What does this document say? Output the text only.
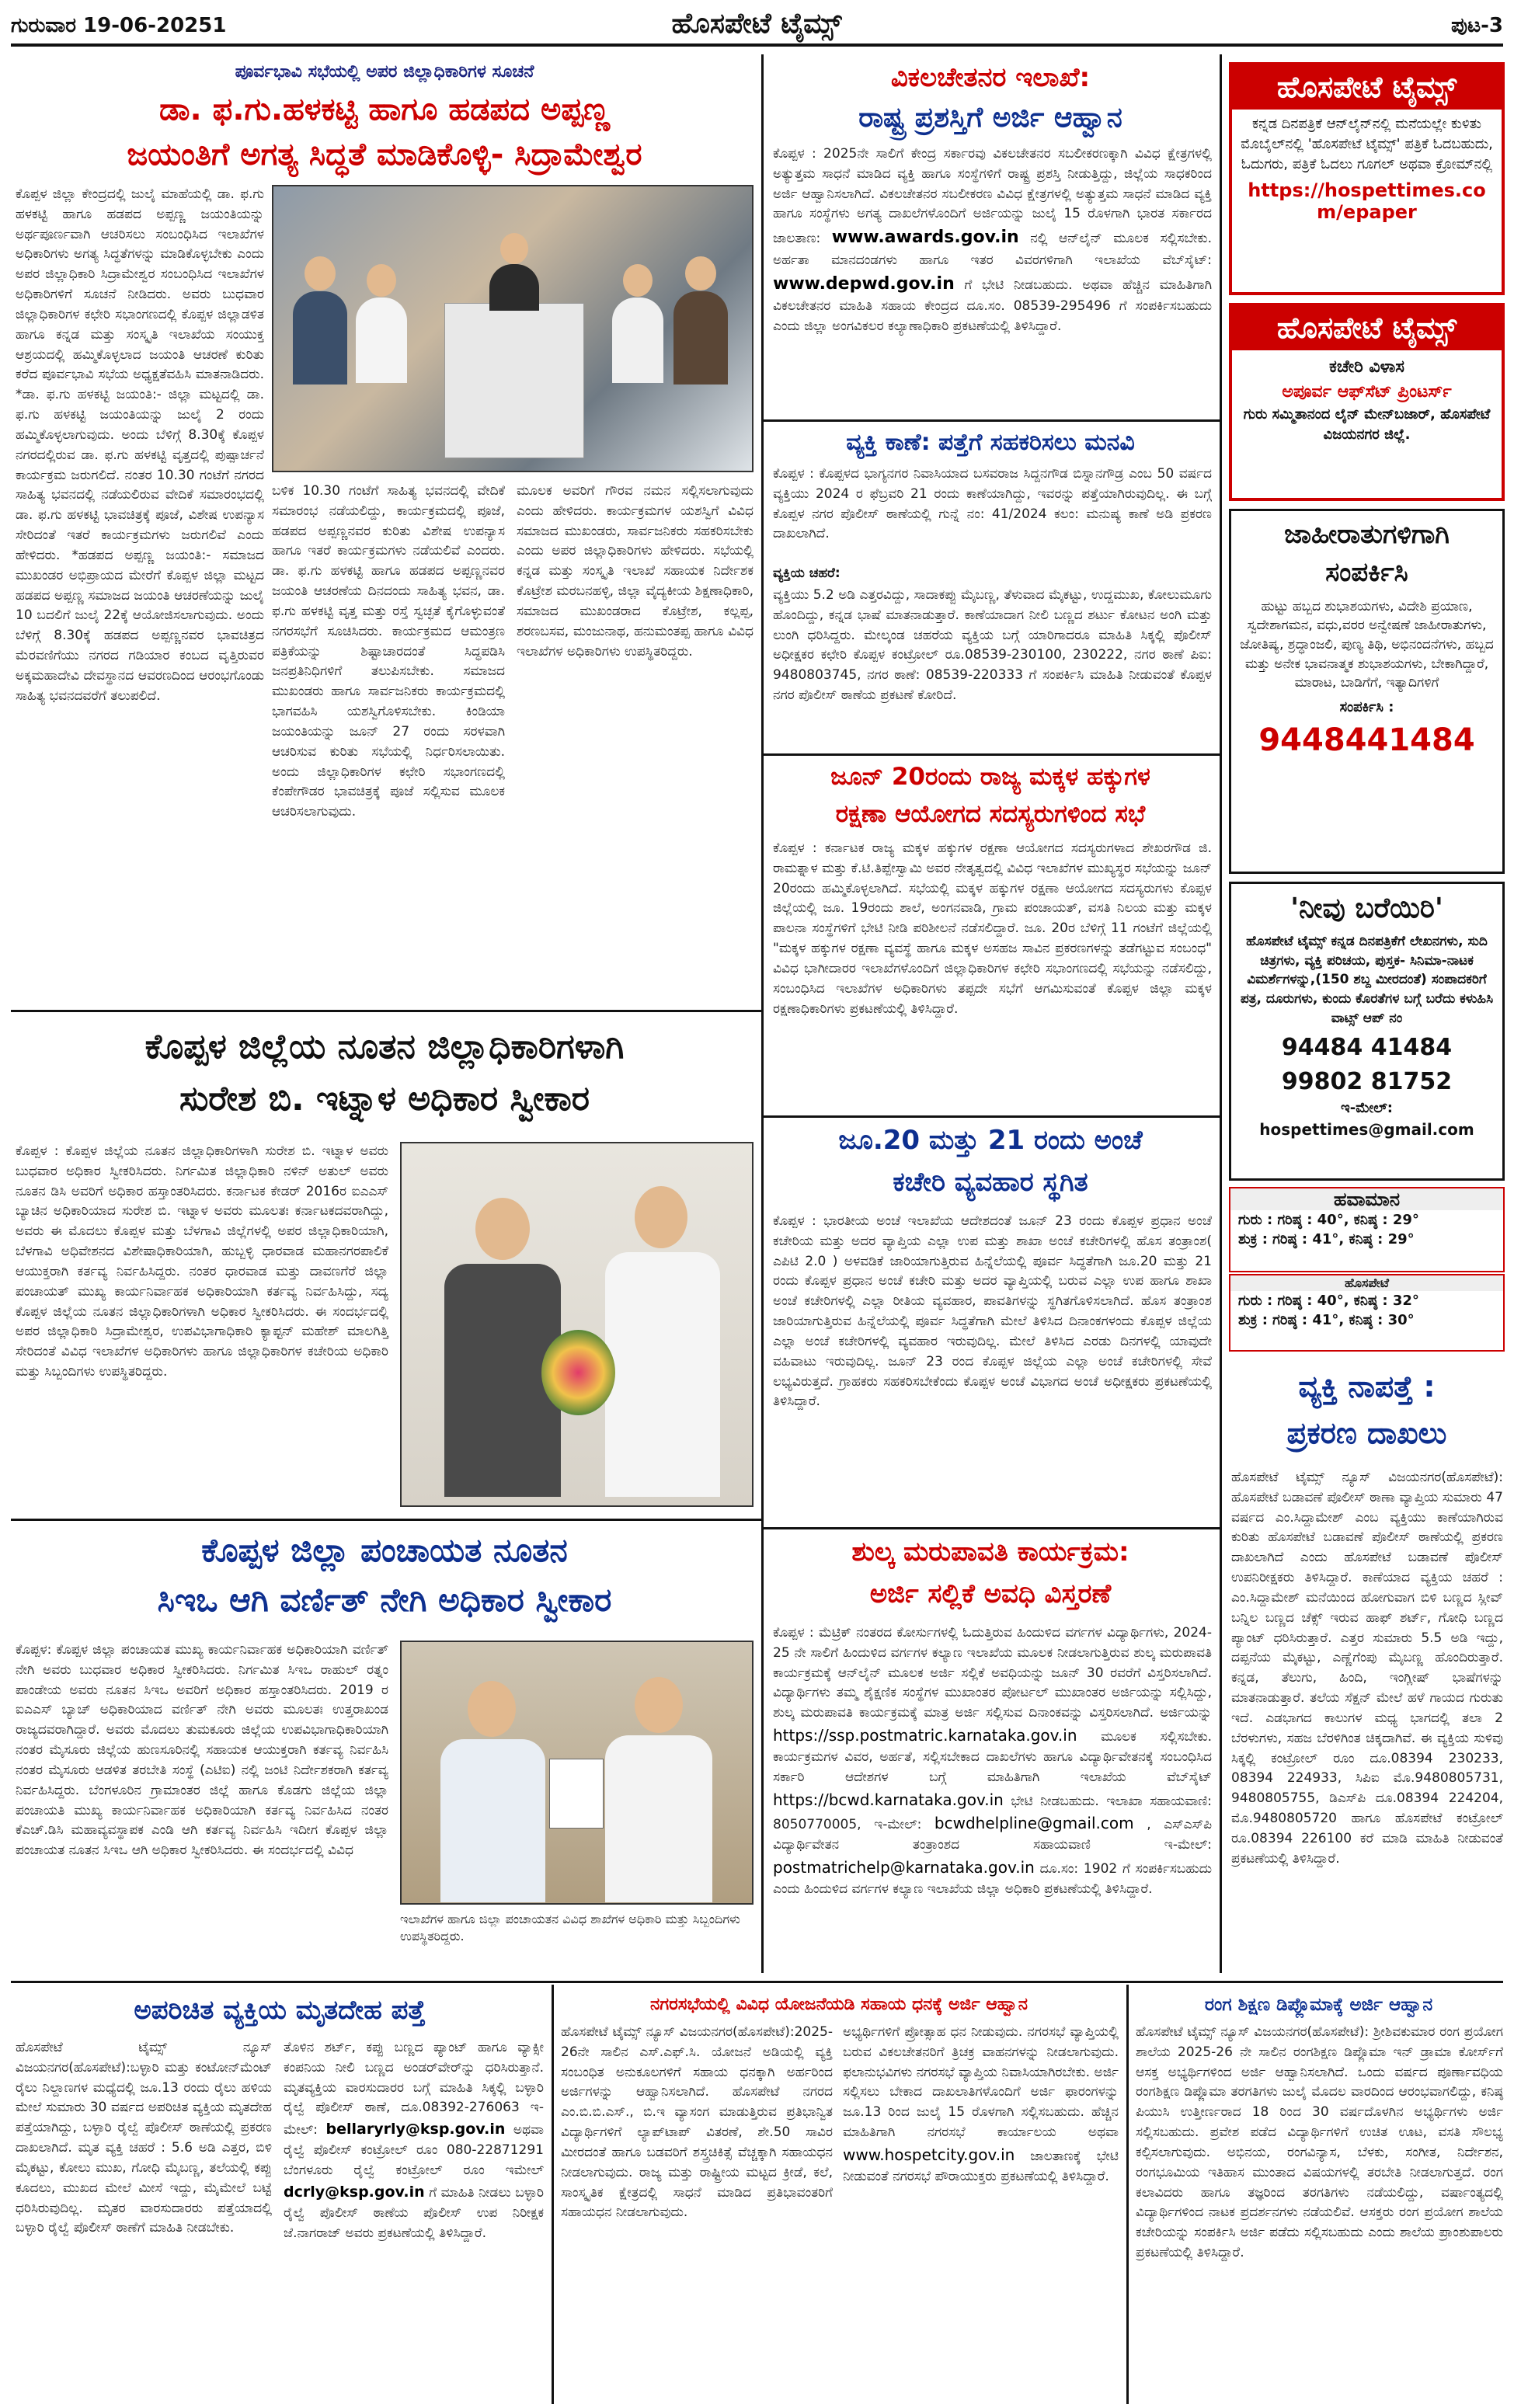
ಗುರುವಾರ 19-06-20251	ಹೊಸಪೇಟೆ ಟೈಮ್ಸ್	ಪುಟ-3
ಪೂರ್ವಭಾವಿ ಸಭೆಯಲ್ಲಿ ಅಪರ ಜಿಲ್ಲಾಧಿಕಾರಿಗಳ ಸೂಚನೆ
ಡಾ. ಫ.ಗು.ಹಳಕಟ್ಟಿ ಹಾಗೂ ಹಡಪದ ಅಪ್ಪಣ್ಣ
ಜಯಂತಿಗೆ ಅಗತ್ಯ ಸಿದ್ಧತೆ ಮಾಡಿಕೊಳ್ಳಿ- ಸಿದ್ರಾಮೇಶ್ವರ
ಕೊಪ್ಪಳ ಜಿಲ್ಲಾ ಕೇಂದ್ರದಲ್ಲಿ ಜುಲೈ ಮಾಹೆಯಲ್ಲಿ ಡಾ. ಫ.ಗು ಹಳಕಟ್ಟಿ ಹಾಗೂ ಹಡಪದ ಅಪ್ಪಣ್ಣ ಜಯಂತಿಯನ್ನು ಅರ್ಥಪೂರ್ಣವಾಗಿ ಆಚರಿಸಲು ಸಂಬಂಧಿಸಿದ ಇಲಾಖೆಗಳ ಅಧಿಕಾರಿಗಳು ಅಗತ್ಯ ಸಿದ್ಧತೆಗಳನ್ನು ಮಾಡಿಕೊಳ್ಳಬೇಕು ಎಂದು ಅಪರ ಜಿಲ್ಲಾಧಿಕಾರಿ ಸಿದ್ರಾಮೇಶ್ವರ ಸಂಬಂಧಿಸಿದ ಇಲಾಖೆಗಳ ಅಧಿಕಾರಿಗಳಿಗೆ ಸೂಚನೆ ನೀಡಿದರು. ಅವರು ಬುಧವಾರ ಜಿಲ್ಲಾಧಿಕಾರಿಗಳ ಕಛೇರಿ ಸಭಾಂಗಣದಲ್ಲಿ ಕೊಪ್ಪಳ ಜಿಲ್ಲಾಡಳಿತ ಹಾಗೂ ಕನ್ನಡ ಮತ್ತು ಸಂಸ್ಕೃತಿ ಇಲಾಖೆಯ ಸಂಯುಕ್ತ ಆಶ್ರಯದಲ್ಲಿ ಹಮ್ಮಿಕೊಳ್ಳಲಾದ ಜಯಂತಿ ಆಚರಣೆ ಕುರಿತು ಕರೆದ ಪೂರ್ವಭಾವಿ ಸಭೆಯ ಅಧ್ಯಕ್ಷತೆವಹಿಸಿ ಮಾತನಾಡಿದರು. *ಡಾ. ಫ.ಗು ಹಳಕಟ್ಟಿ ಜಯಂತಿ:- ಜಿಲ್ಲಾ ಮಟ್ಟದಲ್ಲಿ ಡಾ. ಫ.ಗು ಹಳಕಟ್ಟಿ ಜಯಂತಿಯನ್ನು ಜುಲೈ 2 ರಂದು ಹಮ್ಮಿಕೊಳ್ಳಲಾಗುವುದು. ಅಂದು ಬೆಳಿಗ್ಗೆ 8.30ಕ್ಕೆ ಕೊಪ್ಪಳ ನಗರದಲ್ಲಿರುವ ಡಾ. ಫ.ಗು ಹಳಕಟ್ಟಿ ವೃತ್ತದಲ್ಲಿ ಪುಷ್ಪಾರ್ಚನೆ ಕಾರ್ಯಕ್ರಮ ಜರುಗಲಿದೆ. ನಂತರ 10.30 ಗಂಟೆಗೆ ನಗರದ ಸಾಹಿತ್ಯ ಭವನದಲ್ಲಿ ನಡೆಯಲಿರುವ ವೇದಿಕೆ ಸಮಾರಂಭದಲ್ಲಿ ಡಾ. ಫ.ಗು ಹಳಕಟ್ಟಿ ಭಾವಚಿತ್ರಕ್ಕೆ ಪೂಜೆ, ವಿಶೇಷ ಉಪನ್ಯಾಸ ಸೇರಿದಂತೆ ಇತರೆ ಕಾರ್ಯಕ್ರಮಗಳು ಜರುಗಲಿವೆ ಎಂದು ಹೇಳಿದರು. *ಹಡಪದ ಅಪ್ಪಣ್ಣ ಜಯಂತಿ:- ಸಮಾಜದ ಮುಖಂಡರ ಅಭಿಪ್ರಾಯದ ಮೇರೆಗೆ ಕೊಪ್ಪಳ ಜಿಲ್ಲಾ ಮಟ್ಟದ ಹಡಪದ ಅಪ್ಪಣ್ಣ ಸಮಾಜದ ಜಯಂತಿ ಆಚರಣೆಯನ್ನು ಜುಲೈ 10 ಬದಲಿಗೆ ಜುಲೈ 22ಕ್ಕೆ ಆಯೋಜಿಸಲಾಗುವುದು. ಅಂದು ಬೆಳಿಗ್ಗೆ 8.30ಕ್ಕೆ ಹಡಪದ ಅಪ್ಪಣ್ಣನವರ ಭಾವಚಿತ್ರದ ಮೆರವಣಿಗೆಯು ನಗರದ ಗಡಿಯಾರ ಕಂಬದ ವೃತ್ತಿರುವರ ಅಕ್ಕಮಹಾದೇವಿ ದೇವಸ್ಥಾನದ ಆವರಣದಿಂದ ಆರಂಭಗೊಂಡು ಸಾಹಿತ್ಯ ಭವನದವರೆಗೆ ತಲುಪಲಿದೆ.
ಬಳಿಕ 10.30 ಗಂಟೆಗೆ ಸಾಹಿತ್ಯ ಭವನದಲ್ಲಿ ವೇದಿಕೆ ಸಮಾರಂಭ ನಡೆಯಲಿದ್ದು, ಕಾರ್ಯಕ್ರಮದಲ್ಲಿ ಪೂಜೆ, ಹಡಪದ ಅಪ್ಪಣ್ಣನವರ ಕುರಿತು ವಿಶೇಷ ಉಪನ್ಯಾಸ ಹಾಗೂ ಇತರೆ ಕಾರ್ಯಕ್ರಮಗಳು ನಡೆಯಲಿವೆ ಎಂದರು. ಡಾ. ಫ.ಗು ಹಳಕಟ್ಟಿ ಹಾಗೂ ಹಡಪದ ಅಪ್ಪಣ್ಣನವರ ಜಯಂತಿ ಆಚರಣೆಯ ದಿನದಂದು ಸಾಹಿತ್ಯ ಭವನ, ಡಾ. ಫ.ಗು ಹಳಕಟ್ಟಿ ವೃತ್ತ ಮತ್ತು ರಸ್ತೆ ಸ್ವಚ್ಛತೆ ಕೈಗೊಳ್ಳುವಂತೆ ನಗರಸಭೆಗೆ ಸೂಚಿಸಿದರು. ಕಾರ್ಯಕ್ರಮದ ಆಮಂತ್ರಣ ಪತ್ರಿಕೆಯನ್ನು ಶಿಷ್ಟಾಚಾರದಂತೆ ಸಿದ್ಧಪಡಿಸಿ ಜನಪ್ರತಿನಿಧಿಗಳಿಗೆ ತಲುಪಿಸಬೇಕು. ಸಮಾಜದ ಮುಖಂಡರು ಹಾಗೂ ಸಾರ್ವಜನಿಕರು ಕಾರ್ಯಕ್ರಮದಲ್ಲಿ ಭಾಗವಹಿಸಿ ಯಶಸ್ವಿಗೊಳಿಸಬೇಕು. ಕಿಂಡಿಯಾ ಜಯಂತಿಯನ್ನು ಜೂನ್ 27 ರಂದು ಸರಳವಾಗಿ ಆಚರಿಸುವ ಕುರಿತು ಸಭೆಯಲ್ಲಿ ನಿರ್ಧರಿಸಲಾಯಿತು. ಅಂದು ಜಿಲ್ಲಾಧಿಕಾರಿಗಳ ಕಛೇರಿ ಸಭಾಂಗಣದಲ್ಲಿ ಕೆಂಪೇಗೌಡರ ಭಾವಚಿತ್ರಕ್ಕೆ ಪೂಜೆ ಸಲ್ಲಿಸುವ ಮೂಲಕ ಆಚರಿಸಲಾಗುವುದು.
ಮೂಲಕ ಅವರಿಗೆ ಗೌರವ ನಮನ ಸಲ್ಲಿಸಲಾಗುವುದು ಎಂದು ಹೇಳಿದರು. ಕಾರ್ಯಕ್ರಮಗಳ ಯಶಸ್ವಿಗೆ ವಿವಿಧ ಸಮಾಜದ ಮುಖಂಡರು, ಸಾರ್ವಜನಿಕರು ಸಹಕರಿಸಬೇಕು ಎಂದು ಅಪರ ಜಿಲ್ಲಾಧಿಕಾರಿಗಳು ಹೇಳಿದರು. ಸಭೆಯಲ್ಲಿ ಕನ್ನಡ ಮತ್ತು ಸಂಸ್ಕೃತಿ ಇಲಾಖೆ ಸಹಾಯಕ ನಿರ್ದೇಶಕ ಕೊಟ್ರೇಶ ಮರಬನಹಳ್ಳಿ, ಜಿಲ್ಲಾ ವೈದ್ಯಕೀಯ ಶಿಕ್ಷಣಾಧಿಕಾರಿ, ಸಮಾಜದ ಮುಖಂಡರಾದ ಕೊಟ್ರೇಶ, ಕಲ್ಲಪ್ಪ, ಶರಣಬಸವ, ಮಂಜುನಾಥ, ಹನುಮಂತಪ್ಪ ಹಾಗೂ ವಿವಿಧ ಇಲಾಖೆಗಳ ಅಧಿಕಾರಿಗಳು ಉಪಸ್ಥಿತರಿದ್ದರು.
ಕೊಪ್ಪಳ ಜಿಲ್ಲೆಯ ನೂತನ ಜಿಲ್ಲಾಧಿಕಾರಿಗಳಾಗಿ
ಸುರೇಶ ಬಿ. ಇಟ್ನಾಳ ಅಧಿಕಾರ ಸ್ವೀಕಾರ
ಕೊಪ್ಪಳ : ಕೊಪ್ಪಳ ಜಿಲ್ಲೆಯ ನೂತನ ಜಿಲ್ಲಾಧಿಕಾರಿಗಳಾಗಿ ಸುರೇಶ ಬಿ. ಇಟ್ನಾಳ ಅವರು ಬುಧವಾರ ಅಧಿಕಾರ ಸ್ವೀಕರಿಸಿದರು. ನಿರ್ಗಮಿತ ಜಿಲ್ಲಾಧಿಕಾರಿ ನಳಿನ್ ಅತುಲ್ ಅವರು ನೂತನ ಡಿಸಿ ಅವರಿಗೆ ಅಧಿಕಾರ ಹಸ್ತಾಂತರಿಸಿದರು. ಕರ್ನಾಟಕ ಕೇಡರ್ 2016ರ ಐಎಎಸ್ ಬ್ಯಾಚಿನ ಅಧಿಕಾರಿಯಾದ ಸುರೇಶ ಬಿ. ಇಟ್ನಾಳ ಅವರು ಮೂಲತಃ ಕರ್ನಾಟಕದವರಾಗಿದ್ದು, ಅವರು ಈ ಮೊದಲು ಕೊಪ್ಪಳ ಮತ್ತು ಬೆಳಗಾವಿ ಜಿಲ್ಲೆಗಳಲ್ಲಿ ಅಪರ ಜಿಲ್ಲಾಧಿಕಾರಿಯಾಗಿ, ಬೆಳಗಾವಿ ಅಧಿವೇಶನದ ವಿಶೇಷಾಧಿಕಾರಿಯಾಗಿ, ಹುಬ್ಬಳ್ಳಿ ಧಾರವಾಡ ಮಹಾನಗರಪಾಲಿಕೆ ಆಯುಕ್ತರಾಗಿ ಕರ್ತವ್ಯ ನಿರ್ವಹಿಸಿದ್ದರು. ನಂತರ ಧಾರವಾಡ ಮತ್ತು ದಾವಣಗೆರೆ ಜಿಲ್ಲಾ ಪಂಚಾಯತ್ ಮುಖ್ಯ ಕಾರ್ಯನಿರ್ವಾಹಕ ಅಧಿಕಾರಿಯಾಗಿ ಕರ್ತವ್ಯ ನಿರ್ವಹಿಸಿದ್ದು, ಸದ್ಯ ಕೊಪ್ಪಳ ಜಿಲ್ಲೆಯ ನೂತನ ಜಿಲ್ಲಾಧಿಕಾರಿಗಳಾಗಿ ಅಧಿಕಾರ ಸ್ವೀಕರಿಸಿದರು. ಈ ಸಂದರ್ಭದಲ್ಲಿ ಅಪರ ಜಿಲ್ಲಾಧಿಕಾರಿ ಸಿದ್ರಾಮೇಶ್ವರ, ಉಪವಿಭಾಗಾಧಿಕಾರಿ ಕ್ಯಾಪ್ಟನ್ ಮಹೇಶ್ ಮಾಲಗಿತ್ತಿ ಸೇರಿದಂತೆ ವಿವಿಧ ಇಲಾಖೆಗಳ ಅಧಿಕಾರಿಗಳು ಹಾಗೂ ಜಿಲ್ಲಾಧಿಕಾರಿಗಳ ಕಚೇರಿಯ ಅಧಿಕಾರಿ ಮತ್ತು ಸಿಬ್ಬಂದಿಗಳು ಉಪಸ್ಥಿತರಿದ್ದರು.
ಕೊಪ್ಪಳ ಜಿಲ್ಲಾ ಪಂಚಾಯತ ನೂತನ
ಸಿಇಒ ಆಗಿ ವರ್ಣಿತ್ ನೇಗಿ ಅಧಿಕಾರ ಸ್ವೀಕಾರ
ಕೊಪ್ಪಳ: ಕೊಪ್ಪಳ ಜಿಲ್ಲಾ ಪಂಚಾಯತ ಮುಖ್ಯ ಕಾರ್ಯನಿರ್ವಾಹಕ ಅಧಿಕಾರಿಯಾಗಿ ವರ್ಣಿತ್ ನೇಗಿ ಅವರು ಬುಧವಾರ ಅಧಿಕಾರ ಸ್ವೀಕರಿಸಿದರು. ನಿರ್ಗಮಿತ ಸಿಇಒ ರಾಹುಲ್ ರತ್ನಂ ಪಾಂಡೇಯ ಅವರು ನೂತನ ಸಿಇಒ ಅವರಿಗೆ ಅಧಿಕಾರ ಹಸ್ತಾಂತರಿಸಿದರು. 2019 ರ ಐಎಎಸ್ ಬ್ಯಾಚ್ ಅಧಿಕಾರಿಯಾದ ವರ್ಣಿತ್ ನೇಗಿ ಅವರು ಮೂಲತಃ ಉತ್ತರಾಖಂಡ ರಾಜ್ಯದವರಾಗಿದ್ದಾರೆ. ಅವರು ಮೊದಲು ತುಮಕೂರು ಜಿಲ್ಲೆಯ ಉಪವಿಭಾಗಾಧಿಕಾರಿಯಾಗಿ ನಂತರ ಮೈಸೂರು ಜಿಲ್ಲೆಯ ಹುಣಸೂರಿನಲ್ಲಿ ಸಹಾಯಕ ಆಯುಕ್ತರಾಗಿ ಕರ್ತವ್ಯ ನಿರ್ವಹಿಸಿ ನಂತರ ಮೈಸೂರು ಆಡಳಿತ ತರಬೇತಿ ಸಂಸ್ಥೆ (ಎಟಿಐ) ನಲ್ಲಿ ಜಂಟಿ ನಿರ್ದೇಶಕರಾಗಿ ಕರ್ತವ್ಯ ನಿರ್ವಹಿಸಿದ್ದರು. ಬೆಂಗಳೂರಿನ ಗ್ರಾಮಾಂತರ ಜಿಲ್ಲೆ ಹಾಗೂ ಕೊಡಗು ಜಿಲ್ಲೆಯ ಜಿಲ್ಲಾ ಪಂಚಾಯತಿ ಮುಖ್ಯ ಕಾರ್ಯನಿರ್ವಾಹಕ ಅಧಿಕಾರಿಯಾಗಿ ಕರ್ತವ್ಯ ನಿರ್ವಹಿಸಿದ ನಂತರ ಕೆಎಚ್.ಡಿಸಿ ಮಹಾವ್ಯವಸ್ಥಾಪಕ ಎಂಡಿ ಆಗಿ ಕರ್ತವ್ಯ ನಿರ್ವಹಿಸಿ ಇದೀಗ ಕೊಪ್ಪಳ ಜಿಲ್ಲಾ ಪಂಚಾಯತ ನೂತನ ಸಿಇಒ ಆಗಿ ಅಧಿಕಾರ ಸ್ವೀಕರಿಸಿದರು. ಈ ಸಂದರ್ಭದಲ್ಲಿ ವಿವಿಧ
ಇಲಾಖೆಗಳ ಹಾಗೂ ಜಿಲ್ಲಾ ಪಂಚಾಯತನ ವಿವಿಧ ಶಾಖೆಗಳ ಅಧಿಕಾರಿ ಮತ್ತು ಸಿಬ್ಬಂದಿಗಳು ಉಪಸ್ಥಿತರಿದ್ದರು.
ವಿಕಲಚೇತನರ ಇಲಾಖೆ:
ರಾಷ್ಟ್ರ ಪ್ರಶಸ್ತಿಗೆ ಅರ್ಜಿ ಆಹ್ವಾನ
ಕೊಪ್ಪಳ : 2025ನೇ ಸಾಲಿಗೆ ಕೇಂದ್ರ ಸರ್ಕಾರವು ವಿಕಲಚೇತನರ ಸಬಲೀಕರಣಕ್ಕಾಗಿ ವಿವಿಧ ಕ್ಷೇತ್ರಗಳಲ್ಲಿ ಅತ್ಯುತ್ತಮ ಸಾಧನೆ ಮಾಡಿದ ವ್ಯಕ್ತಿ ಹಾಗೂ ಸಂಸ್ಥೆಗಳಿಗೆ ರಾಷ್ಟ್ರ ಪ್ರಶಸ್ತಿ ನೀಡುತ್ತಿದ್ದು, ಜಿಲ್ಲೆಯ ಸಾಧಕರಿಂದ ಅರ್ಜಿ ಆಹ್ವಾನಿಸಲಾಗಿದೆ. ವಿಕಲಚೇತನರ ಸಬಲೀಕರಣ ವಿವಿಧ ಕ್ಷೇತ್ರಗಳಲ್ಲಿ ಅತ್ಯುತ್ತಮ ಸಾಧನೆ ಮಾಡಿದ ವ್ಯಕ್ತಿ ಹಾಗೂ ಸಂಸ್ಥೆಗಳು ಅಗತ್ಯ ದಾಖಲೆಗಳೊಂದಿಗೆ ಅರ್ಜಿಯನ್ನು ಜುಲೈ 15 ರೊಳಗಾಗಿ ಭಾರತ ಸರ್ಕಾರದ ಜಾಲತಾಣ: www.awards.gov.in ನಲ್ಲಿ ಆನ್‌ಲೈನ್ ಮೂಲಕ ಸಲ್ಲಿಸಬೇಕು. ಅರ್ಹತಾ ಮಾನದಂಡಗಳು ಹಾಗೂ ಇತರ ವಿವರಗಳಿಗಾಗಿ ಇಲಾಖೆಯ ವೆಬ್‌ಸೈಟ್: www.depwd.gov.in ಗೆ ಭೇಟಿ ನೀಡಬಹುದು. ಅಥವಾ ಹೆಚ್ಚಿನ ಮಾಹಿತಿಗಾಗಿ ವಿಕಲಚೇತನರ ಮಾಹಿತಿ ಸಹಾಯ ಕೇಂದ್ರದ ದೂ.ಸಂ. 08539-295496 ಗೆ ಸಂಪರ್ಕಿಸಬಹುದು ಎಂದು ಜಿಲ್ಲಾ ಅಂಗವಿಕಲರ ಕಲ್ಯಾಣಾಧಿಕಾರಿ ಪ್ರಕಟಣೆಯಲ್ಲಿ ತಿಳಿಸಿದ್ದಾರೆ.
ವ್ಯಕ್ತಿ ಕಾಣೆ: ಪತ್ತೆಗೆ ಸಹಕರಿಸಲು ಮನವಿ
ಕೊಪ್ಪಳ : ಕೊಪ್ಪಳದ ಭಾಗ್ಯನಗರ ನಿವಾಸಿಯಾದ ಬಸವರಾಜ ಸಿದ್ದನಗೌಡ ಬಿಸ್ನಾನಗೌಡ್ರ ಎಂಬ 50 ವರ್ಷದ ವ್ಯಕ್ತಿಯು 2024 ರ ಫೆಬ್ರವರಿ 21 ರಂದು ಕಾಣೆಯಾಗಿದ್ದು, ಇವರನ್ನು ಪತ್ತೆಯಾಗಿರುವುದಿಲ್ಲ. ಈ ಬಗ್ಗೆ ಕೊಪ್ಪಳ ನಗರ ಪೊಲೀಸ್ ಠಾಣೆಯಲ್ಲಿ ಗುನ್ನೆ ನಂ: 41/2024 ಕಲಂ: ಮನುಷ್ಯ ಕಾಣೆ ಅಡಿ ಪ್ರಕರಣ ದಾಖಲಾಗಿದೆ.
ವ್ಯಕ್ತಿಯ ಚಹರೆ:
ವ್ಯಕ್ತಿಯು 5.2 ಅಡಿ ಎತ್ತರವಿದ್ದು, ಸಾದಾಕಪ್ಪು ಮೈಬಣ್ಣ, ತೆಳುವಾದ ಮೈಕಟ್ಟು, ಉದ್ದಮುಖ, ಕೋಲುಮೂಗು ಹೊಂದಿದ್ದು, ಕನ್ನಡ ಭಾಷೆ ಮಾತನಾಡುತ್ತಾರೆ. ಕಾಣೆಯಾದಾಗ ನೀಲಿ ಬಣ್ಣದ ಶರ್ಟು ಕೋಟನ ಅಂಗಿ ಮತ್ತು ಲುಂಗಿ ಧರಿಸಿದ್ದರು. ಮೇಲ್ಕಂಡ ಚಹರೆಯ ವ್ಯಕ್ತಿಯ ಬಗ್ಗೆ ಯಾರಿಗಾದರೂ ಮಾಹಿತಿ ಸಿಕ್ಕಲ್ಲಿ ಪೊಲೀಸ್ ಅಧೀಕ್ಷಕರ ಕಛೇರಿ ಕೊಪ್ಪಳ ಕಂಟ್ರೋಲ್ ರೂ.08539-230100, 230222, ನಗರ ಠಾಣೆ ಪಿಐ: 9480803745, ನಗರ ಠಾಣೆ: 08539-220333 ಗೆ ಸಂಪರ್ಕಿಸಿ ಮಾಹಿತಿ ನೀಡುವಂತೆ ಕೊಪ್ಪಳ ನಗರ ಪೊಲೀಸ್ ಠಾಣೆಯ ಪ್ರಕಟಣೆ ಕೋರಿದೆ.
ಜೂನ್ 20ರಂದು ರಾಜ್ಯ ಮಕ್ಕಳ ಹಕ್ಕುಗಳ
ರಕ್ಷಣಾ ಆಯೋಗದ ಸದಸ್ಯರುಗಳಿಂದ ಸಭೆ
ಕೊಪ್ಪಳ : ಕರ್ನಾಟಕ ರಾಜ್ಯ ಮಕ್ಕಳ ಹಕ್ಕುಗಳ ರಕ್ಷಣಾ ಆಯೋಗದ ಸದಸ್ಯರುಗಳಾದ ಶೇಖರಗೌಡ ಜಿ. ರಾಮತ್ನಾಳ ಮತ್ತು ಕೆ.ಟಿ.ತಿಪ್ಪೇಸ್ವಾಮಿ ಅವರ ನೇತೃತ್ವದಲ್ಲಿ ವಿವಿಧ ಇಲಾಖೆಗಳ ಮುಖ್ಯಸ್ಥರ ಸಭೆಯನ್ನು ಜೂನ್ 20ರಂದು ಹಮ್ಮಿಕೊಳ್ಳಲಾಗಿದೆ. ಸಭೆಯಲ್ಲಿ ಮಕ್ಕಳ ಹಕ್ಕುಗಳ ರಕ್ಷಣಾ ಆಯೋಗದ ಸದಸ್ಯರುಗಳು ಕೊಪ್ಪಳ ಜಿಲ್ಲೆಯಲ್ಲಿ ಜೂ. 19ರಂದು ಶಾಲೆ, ಅಂಗನವಾಡಿ, ಗ್ರಾಮ ಪಂಚಾಯತ್, ವಸತಿ ನಿಲಯ ಮತ್ತು ಮಕ್ಕಳ ಪಾಲನಾ ಸಂಸ್ಥೆಗಳಿಗೆ ಭೇಟಿ ನೀಡಿ ಪರಿಶೀಲನೆ ನಡೆಸಲಿದ್ದಾರೆ. ಜೂ. 20ರ ಬೆಳಿಗ್ಗೆ 11 ಗಂಟೆಗೆ ಜಿಲ್ಲೆಯಲ್ಲಿ "ಮಕ್ಕಳ ಹಕ್ಕುಗಳ ರಕ್ಷಣಾ ವ್ಯವಸ್ಥೆ ಹಾಗೂ ಮಕ್ಕಳ ಅಸಹಜ ಸಾವಿನ ಪ್ರಕರಣಗಳನ್ನು ತಡೆಗಟ್ಟುವ ಸಂಬಂಧ" ವಿವಿಧ ಭಾಗೀದಾರರ ಇಲಾಖೆಗಳೊಂದಿಗೆ ಜಿಲ್ಲಾಧಿಕಾರಿಗಳ ಕಛೇರಿ ಸಭಾಂಗಣದಲ್ಲಿ ಸಭೆಯನ್ನು ನಡೆಸಲಿದ್ದು, ಸಂಬಂಧಿಸಿದ ಇಲಾಖೆಗಳ ಅಧಿಕಾರಿಗಳು ತಪ್ಪದೇ ಸಭೆಗೆ ಆಗಮಿಸುವಂತೆ ಕೊಪ್ಪಳ ಜಿಲ್ಲಾ ಮಕ್ಕಳ ರಕ್ಷಣಾಧಿಕಾರಿಗಳು ಪ್ರಕಟಣೆಯಲ್ಲಿ ತಿಳಿಸಿದ್ದಾರೆ.
ಜೂ.20 ಮತ್ತು 21 ರಂದು ಅಂಚೆ
ಕಚೇರಿ ವ್ಯವಹಾರ ಸ್ಥಗಿತ
ಕೊಪ್ಪಳ : ಭಾರತೀಯ ಅಂಚೆ ಇಲಾಖೆಯ ಆದೇಶದಂತೆ ಜೂನ್ 23 ರಂದು ಕೊಪ್ಪಳ ಪ್ರಧಾನ ಅಂಚೆ ಕಚೇರಿಯ ಮತ್ತು ಅದರ ವ್ಯಾಪ್ತಿಯ ಎಲ್ಲಾ ಉಪ ಮತ್ತು ಶಾಖಾ ಅಂಚೆ ಕಚೇರಿಗಳಲ್ಲಿ ಹೊಸ ತಂತ್ರಾಂಶ( ಎಪಿಟಿ 2.0 ) ಅಳವಡಿಕೆ ಜಾರಿಯಾಗುತ್ತಿರುವ ಹಿನ್ನೆಲೆಯಲ್ಲಿ ಪೂರ್ವ ಸಿದ್ಧತೆಗಾಗಿ ಜೂ.20 ಮತ್ತು 21 ರಂದು ಕೊಪ್ಪಳ ಪ್ರಧಾನ ಅಂಚೆ ಕಚೇರಿ ಮತ್ತು ಅದರ ವ್ಯಾಪ್ತಿಯಲ್ಲಿ ಬರುವ ಎಲ್ಲಾ ಉಪ ಹಾಗೂ ಶಾಖಾ ಅಂಚೆ ಕಚೇರಿಗಳಲ್ಲಿ ಎಲ್ಲಾ ರೀತಿಯ ವ್ಯವಹಾರ, ಪಾವತಿಗಳನ್ನು ಸ್ಥಗಿತಗೊಳಿಸಲಾಗಿದೆ. ಹೊಸ ತಂತ್ರಾಂಶ ಜಾರಿಯಾಗುತ್ತಿರುವ ಹಿನ್ನೆಲೆಯಲ್ಲಿ ಪೂರ್ವ ಸಿದ್ಧತೆಗಾಗಿ ಮೇಲೆ ತಿಳಿಸಿದ ದಿನಾಂಕಗಳಂದು ಕೊಪ್ಪಳ ಜಿಲ್ಲೆಯ ಎಲ್ಲಾ ಅಂಚೆ ಕಚೇರಿಗಳಲ್ಲಿ ವ್ಯವಹಾರ ಇರುವುದಿಲ್ಲ. ಮೇಲೆ ತಿಳಿಸಿದ ಎರಡು ದಿನಗಳಲ್ಲಿ ಯಾವುದೇ ವಹಿವಾಟು ಇರುವುದಿಲ್ಲ. ಜೂನ್ 23 ರಂದ ಕೊಪ್ಪಳ ಜಿಲ್ಲೆಯ ಎಲ್ಲಾ ಅಂಚೆ ಕಚೇರಿಗಳಲ್ಲಿ ಸೇವೆ ಲಭ್ಯವಿರುತ್ತದೆ. ಗ್ರಾಹಕರು ಸಹಕರಿಸಬೇಕೆಂದು ಕೊಪ್ಪಳ ಅಂಚೆ ವಿಭಾಗದ ಅಂಚೆ ಅಧೀಕ್ಷಕರು ಪ್ರಕಟಣೆಯಲ್ಲಿ ತಿಳಿಸಿದ್ದಾರೆ.
ಶುಲ್ಕ ಮರುಪಾವತಿ ಕಾರ್ಯಕ್ರಮ:
ಅರ್ಜಿ ಸಲ್ಲಿಕೆ ಅವಧಿ ವಿಸ್ತರಣೆ
ಕೊಪ್ಪಳ : ಮೆಟ್ರಿಕ್ ನಂತರದ ಕೋರ್ಸುಗಳಲ್ಲಿ ಓದುತ್ತಿರುವ ಹಿಂದುಳಿದ ವರ್ಗಗಳ ವಿದ್ಯಾರ್ಥಿಗಳು, 2024-25 ನೇ ಸಾಲಿಗೆ ಹಿಂದುಳಿದ ವರ್ಗಗಳ ಕಲ್ಯಾಣ ಇಲಾಖೆಯ ಮೂಲಕ ನೀಡಲಾಗುತ್ತಿರುವ ಶುಲ್ಕ ಮರುಪಾವತಿ ಕಾರ್ಯಕ್ರಮಕ್ಕೆ ಆನ್‌ಲೈನ್ ಮೂಲಕ ಅರ್ಜಿ ಸಲ್ಲಿಕೆ ಅವಧಿಯನ್ನು ಜೂನ್ 30 ರವರೆಗೆ ವಿಸ್ತರಿಸಲಾಗಿದೆ. ವಿದ್ಯಾರ್ಥಿಗಳು ತಮ್ಮ ಶೈಕ್ಷಣಿಕ ಸಂಸ್ಥೆಗಳ ಮುಖಾಂತರ ಪೋರ್ಟಲ್ ಮುಖಾಂತರ ಅರ್ಜಿಯನ್ನು ಸಲ್ಲಿಸಿದ್ದು, ಶುಲ್ಕ ಮರುಪಾವತಿ ಕಾರ್ಯಕ್ರಮಕ್ಕೆ ಮಾತ್ರ ಅರ್ಜಿ ಸಲ್ಲಿಸುವ ದಿನಾಂಕವನ್ನು ವಿಸ್ತರಿಸಲಾಗಿದೆ. ಅರ್ಜಿಯನ್ನು https://ssp.postmatric.karnataka.gov.in ಮೂಲಕ ಸಲ್ಲಿಸಬೇಕು. ಕಾರ್ಯಕ್ರಮಗಳ ವಿವರ, ಅರ್ಹತೆ, ಸಲ್ಲಿಸಬೇಕಾದ ದಾಖಲೆಗಳು ಹಾಗೂ ವಿದ್ಯಾರ್ಥಿವೇತನಕ್ಕೆ ಸಂಬಂಧಿಸಿದ ಸರ್ಕಾರಿ ಆದೇಶಗಳ ಬಗ್ಗೆ ಮಾಹಿತಿಗಾಗಿ ಇಲಾಖೆಯ ವೆಬ್‌ಸೈಟ್ https://bcwd.karnataka.gov.in ಭೇಟಿ ನೀಡಬಹುದು. ಇಲಾಖಾ ಸಹಾಯವಾಣಿ: 8050770005, ಇ-ಮೇಲ್: bcwdhelpline@gmail.com , ಎಸ್‌ಎಸ್‌ಪಿ ವಿದ್ಯಾರ್ಥಿವೇತನ ತಂತ್ರಾಂಶದ ಸಹಾಯವಾಣಿ ಇ-ಮೇಲ್: postmatrichelp@karnataka.gov.in ದೂ.ಸಂ: 1902 ಗೆ ಸಂಪರ್ಕಿಸಬಹುದು ಎಂದು ಹಿಂದುಳಿದ ವರ್ಗಗಳ ಕಲ್ಯಾಣ ಇಲಾಖೆಯ ಜಿಲ್ಲಾ ಅಧಿಕಾರಿ ಪ್ರಕಟಣೆಯಲ್ಲಿ ತಿಳಿಸಿದ್ದಾರೆ.
ಹೊಸಪೇಟೆ ಟೈಮ್ಸ್
ಕನ್ನಡ ದಿನಪತ್ರಿಕೆ ಆನ್‌ಲೈನ್‌ನಲ್ಲಿ ಮನೆಯಲ್ಲೇ ಕುಳಿತು ಮೊಬೈಲ್‌ನಲ್ಲಿ 'ಹೊಸಪೇಟೆ ಟೈಮ್ಸ್' ಪತ್ರಿಕೆ ಓದಬಹುದು, ಓದುಗರು, ಪತ್ರಿಕೆ ಓದಲು ಗೂಗಲ್ ಅಥವಾ ಕ್ರೋಮ್‌ನಲ್ಲಿ
https://hospettimes.com/epaper
ಹೊಸಪೇಟೆ ಟೈಮ್ಸ್
ಕಚೇರಿ ವಿಳಾಸ
ಅಪೂರ್ವ ಆಫ್‌ಸೆಟ್ ಪ್ರಿಂಟರ್ಸ್
ಗುರು ಸಮ್ಮಿತಾನಂದ ಲೈನ್ ಮೇನ್‌ಬಜಾರ್, ಹೊಸಪೇಟೆ
ವಿಜಯನಗರ ಜಿಲ್ಲೆ.
ಜಾಹೀರಾತುಗಳಿಗಾಗಿ
ಸಂಪರ್ಕಿಸಿ
ಹುಟ್ಟು ಹಬ್ಬದ ಶುಭಾಶಯಗಳು, ವಿದೇಶಿ ಪ್ರಯಾಣ, ಸ್ವದೇಶಾಗಮನ, ವಧು,ವರರ ಅನ್ವೇಷಣೆ ಜಾಹೀರಾತುಗಳು, ಜೋತಿಷ್ಯ, ಶ್ರದ್ಧಾಂಜಲಿ, ಪುಣ್ಯ ತಿಥಿ, ಅಭಿನಂದನೆಗಳು, ಹಬ್ಬದ ಮತ್ತು ಅನೇಕ ಭಾವನಾತ್ಮಕ ಶುಭಾಶಯಗಳು, ಬೇಕಾಗಿದ್ದಾರೆ, ಮಾರಾಟ, ಬಾಡಿಗೆಗೆ, ಇತ್ಯಾದಿಗಳಿಗೆ
ಸಂಪರ್ಕಿಸಿ :
9448441484
'ನೀವು ಬರೆಯಿರಿ'
ಹೊಸಪೇಟೆ ಟೈಮ್ಸ್ ಕನ್ನಡ ದಿನಪತ್ರಿಕೆಗೆ ಲೇಖನಗಳು, ಸುದಿ ಚಿತ್ರಗಳು, ವ್ಯಕ್ತಿ ಪರಿಚಯ, ಪುಸ್ತಕ- ಸಿನಿಮಾ-ನಾಟಕ ವಿಮರ್ಶೆಗಳನ್ನು,(150 ಶಬ್ದ ಮೀರದಂತೆ) ಸಂಪಾದಕರಿಗೆ ಪತ್ರ, ದೂರುಗಳು, ಕುಂದು ಕೊರತೆಗಳ ಬಗ್ಗೆ ಬರೆದು ಕಳುಹಿಸಿ ವಾಟ್ಸ್ ಆಪ್ ನಂ
94484 41484
99802 81752
ಇ-ಮೇಲ್: hospettimes@gmail.com
ಹವಾಮಾನ
ಗುರು : ಗರಿಷ್ಠ : 40°, ಕನಿಷ್ಠ : 29°
ಶುಕ್ರ : ಗರಿಷ್ಠ : 41°, ಕನಿಷ್ಠ : 29°
ಹೊಸಪೇಟೆ
ಗುರು : ಗರಿಷ್ಠ : 40°, ಕನಿಷ್ಠ : 32°
ಶುಕ್ರ : ಗರಿಷ್ಠ : 41°, ಕನಿಷ್ಠ : 30°
ವ್ಯಕ್ತಿ ನಾಪತ್ತೆ :
ಪ್ರಕರಣ ದಾಖಲು
ಹೊಸಪೇಟೆ ಟೈಮ್ಸ್ ನ್ಯೂಸ್ ವಿಜಯನಗರ(ಹೊಸಪೇಟೆ): ಹೊಸಪೇಟೆ ಬಡಾವಣೆ ಪೊಲೀಸ್ ಠಾಣಾ ವ್ಯಾಪ್ತಿಯ ಸುಮಾರು 47 ವರ್ಷದ ಎಂ.ಸಿದ್ದಾಮೇಶ್ ಎಂಬ ವ್ಯಕ್ತಿಯು ಕಾಣೆಯಾಗಿರುವ ಕುರಿತು ಹೊಸಪೇಟೆ ಬಡಾವಣೆ ಪೊಲೀಸ್ ಠಾಣೆಯಲ್ಲಿ ಪ್ರಕರಣ ದಾಖಲಾಗಿದೆ ಎಂದು ಹೊಸಪೇಟೆ ಬಡಾವಣೆ ಪೊಲೀಸ್ ಉಪನಿರೀಕ್ಷಕರು ತಿಳಿಸಿದ್ದಾರೆ. ಕಾಣೆಯಾದ ವ್ಯಕ್ತಿಯ ಚಹರೆ : ಎಂ.ಸಿದ್ದಾಮೇಶ್ ಮನೆಯಿಂದ ಹೋಗುವಾಗ ಬಿಳಿ ಬಣ್ಣದ ಸ್ಲೀವ್ ಬನ್ನಿಲ ಬಣ್ಣದ ಚೆಕ್ಸ್ ಇರುವ ಹಾಫ್ ಶರ್ಟ್, ಗೋಧಿ ಬಣ್ಣದ ಪ್ಯಾಂಟ್ ಧರಿಸಿರುತ್ತಾರೆ. ಎತ್ತರ ಸುಮಾರು 5.5 ಅಡಿ ಇದ್ದು, ದಪ್ಪನೆಯ ಮೈಕಟ್ಟು, ಎಣ್ಣೆಗೆಂಪು ಮೈಬಣ್ಣ ಹೊಂದಿರುತ್ತಾರೆ. ಕನ್ನಡ, ತೆಲುಗು, ಹಿಂದಿ, ಇಂಗ್ಲೀಷ್ ಭಾಷೆಗಳನ್ನು ಮಾತನಾಡುತ್ತಾರೆ. ತಲೆಯ ಸೆಕ್ಷನ್ ಮೇಲೆ ಹಳೆ ಗಾಯದ ಗುರುತು ಇದೆ. ಎಡಭಾಗದ ಕಾಲುಗಳ ಮಧ್ಯ ಭಾಗದಲ್ಲಿ ತಲಾ 2 ಬೆರಳುಗಳು, ಸಹಜ ಬೆರಳಿಗಿಂತ ಚಿಕ್ಕದಾಗಿವೆ. ಈ ವ್ಯಕ್ತಿಯ ಸುಳಿವು ಸಿಕ್ಕಲ್ಲಿ ಕಂಟ್ರೋಲ್ ರೂಂ ದೂ.08394 230233, 08394 224933, ಸಿಪಿಐ ಮೊ.9480805731, 9480805755, ಡಿಎಸ್‌ಪಿ ದೂ.08394 224204, ಮೊ.9480805720 ಹಾಗೂ ಹೊಸಪೇಟೆ ಕಂಟ್ರೋಲ್ ರೂ.08394 226100 ಕರೆ ಮಾಡಿ ಮಾಹಿತಿ ನೀಡುವಂತೆ ಪ್ರಕಟಣೆಯಲ್ಲಿ ತಿಳಿಸಿದ್ದಾರೆ.
ಅಪರಿಚಿತ ವ್ಯಕ್ತಿಯ ಮೃತದೇಹ ಪತ್ತೆ
ಹೊಸಪೇಟೆ ಟೈಮ್ಸ್ ನ್ಯೂಸ್ ವಿಜಯನಗರ(ಹೊಸಪೇಟೆ):ಬಳ್ಳಾರಿ ಮತ್ತು ಕಂಟೋನ್‌ಮೆಂಟ್ ರೈಲು ನಿಲ್ದಾಣಗಳ ಮಧ್ಯೆದಲ್ಲಿ ಜೂ.13 ರಂದು ರೈಲು ಹಳಿಯ ಮೇಲೆ ಸುಮಾರು 30 ವರ್ಷದ ಅಪರಿಚಿತ ವ್ಯಕ್ತಿಯ ಮೃತದೇಹ ಪತ್ತೆಯಾಗಿದ್ದು, ಬಳ್ಳಾರಿ ರೈಲ್ವೆ ಪೊಲೀಸ್ ಠಾಣೆಯಲ್ಲಿ ಪ್ರಕರಣ ದಾಖಲಾಗಿದೆ. ಮೃತ ವ್ಯಕ್ತಿ ಚಹರೆ : 5.6 ಅಡಿ ಎತ್ತರ, ಬಿಳಿ ಮೈಕಟ್ಟು, ಕೋಲು ಮುಖ, ಗೋಧಿ ಮೈಬಣ್ಣ, ತಲೆಯಲ್ಲಿ ಕಪ್ಪು ಕೂದಲು, ಮುಖದ ಮೇಲೆ ಮೀಸೆ ಇದ್ದು, ಮೈಮೇಲೆ ಬಟ್ಟೆ ಧರಿಸಿರುವುದಿಲ್ಲ. ಮೃತರ ವಾರಸುದಾರರು ಪತ್ತೆಯಾದಲ್ಲಿ ಬಳ್ಳಾರಿ ರೈಲ್ವೆ ಪೊಲೀಸ್ ಠಾಣೆಗೆ ಮಾಹಿತಿ ನೀಡಬೇಕು.
ತೊಳಿನ ಶರ್ಟ್, ಕಪ್ಪು ಬಣ್ಣದ ಪ್ಯಾಂಟ್ ಹಾಗೂ ವ್ಯಾಕ್ಸೀ ಕಂಪನಿಯ ನೀಲಿ ಬಣ್ಣದ ಅಂಡರ್‌ವೇರ್‌ನ್ನು ಧರಿಸಿರುತ್ತಾನೆ. ಮೃತವ್ಯಕ್ತಿಯ ವಾರಸುದಾರರ ಬಗ್ಗೆ ಮಾಹಿತಿ ಸಿಕ್ಕಲ್ಲಿ ಬಳ್ಳಾರಿ ರೈಲ್ವೆ ಪೊಲೀಸ್ ಠಾಣೆ, ದೂ.08392-276063 ಇ-ಮೇಲ್: bellaryrly@ksp.gov.in ಅಥವಾ ರೈಲ್ವೆ ಪೊಲೀಸ್ ಕಂಟ್ರೋಲ್ ರೂಂ 080-22871291 ಬೆಂಗಳೂರು ರೈಲ್ವೆ ಕಂಟ್ರೋಲ್ ರೂಂ ಇಮೇಲ್ dcrly@ksp.gov.in ಗೆ ಮಾಹಿತಿ ನೀಡಲು ಬಳ್ಳಾರಿ ರೈಲ್ವೆ ಪೊಲೀಸ್ ಠಾಣೆಯ ಪೊಲೀಸ್ ಉಪ ನಿರೀಕ್ಷಕ ಜೆ.ನಾಗರಾಜ್ ಅವರು ಪ್ರಕಟಣೆಯಲ್ಲಿ ತಿಳಿಸಿದ್ದಾರೆ.
ನಗರಸಭೆಯಲ್ಲಿ ವಿವಿಧ ಯೋಜನೆಯಡಿ ಸಹಾಯ ಧನಕ್ಕೆ ಅರ್ಜಿ ಆಹ್ವಾನ
ಹೊಸಪೇಟೆ ಟೈಮ್ಸ್ ನ್ಯೂಸ್ ವಿಜಯನಗರ(ಹೊಸಪೇಟೆ):2025-26ನೇ ಸಾಲಿನ ಎಸ್.ಎಫ್.ಸಿ. ಯೋಜನೆ ಅಡಿಯಲ್ಲಿ ವ್ಯಕ್ತಿ ಸಂಬಂಧಿತ ಅನುಕೂಲಗಳಿಗೆ ಸಹಾಯ ಧನಕ್ಕಾಗಿ ಅರ್ಹರಿಂದ ಅರ್ಜಿಗಳನ್ನು ಆಹ್ವಾನಿಸಲಾಗಿದೆ. ಹೊಸಪೇಟೆ ನಗರದ ಎಂ.ಬಿ.ಬಿ.ಎಸ್., ಬಿ.ಇ ವ್ಯಾಸಂಗ ಮಾಡುತ್ತಿರುವ ಪ್ರತಿಭಾನ್ವಿತ ವಿದ್ಯಾರ್ಥಿಗಳಿಗೆ ಲ್ಯಾಪ್‌ಟಾಪ್ ವಿತರಣೆ, ಶೇ.50 ಸಾವಿರ ಮೀರದಂತೆ ಹಾಗೂ ಬಡವರಿಗೆ ಶಸ್ತ್ರಚಿಕಿತ್ಸೆ ವೆಚ್ಚಕ್ಕಾಗಿ ಸಹಾಯಧನ ನೀಡಲಾಗುವುದು. ರಾಜ್ಯ ಮತ್ತು ರಾಷ್ಟ್ರೀಯ ಮಟ್ಟದ ಕ್ರೀಡೆ, ಕಲೆ, ಸಾಂಸ್ಕೃತಿಕ ಕ್ಷೇತ್ರದಲ್ಲಿ ಸಾಧನೆ ಮಾಡಿದ ಪ್ರತಿಭಾವಂತರಿಗೆ ಸಹಾಯಧನ ನೀಡಲಾಗುವುದು.
ಅಭ್ಯರ್ಥಿಗಳಿಗೆ ಪ್ರೋತ್ಸಾಹ ಧನ ನೀಡುವುದು. ನಗರಸಭೆ ವ್ಯಾಪ್ತಿಯಲ್ಲಿ ಬರುವ ವಿಕಲಚೇತನರಿಗೆ ತ್ರಿಚಕ್ರ ವಾಹನಗಳನ್ನು ನೀಡಲಾಗುವುದು. ಫಲಾನುಭವಿಗಳು ನಗರಸಭೆ ವ್ಯಾಪ್ತಿಯ ನಿವಾಸಿಯಾಗಿರಬೇಕು. ಅರ್ಜಿ ಸಲ್ಲಿಸಲು ಬೇಕಾದ ದಾಖಲಾತಿಗಳೊಂದಿಗೆ ಅರ್ಜಿ ಫಾರಂಗಳನ್ನು ಜೂ.13 ರಿಂದ ಜುಲೈ 15 ರೊಳಗಾಗಿ ಸಲ್ಲಿಸಬಹುದು. ಹೆಚ್ಚಿನ ಮಾಹಿತಿಗಾಗಿ ನಗರಸಭೆ ಕಾರ್ಯಾಲಯ ಅಥವಾ www.hospetcity.gov.in ಜಾಲತಾಣಕ್ಕೆ ಭೇಟಿ ನೀಡುವಂತೆ ನಗರಸಭೆ ಪೌರಾಯುಕ್ತರು ಪ್ರಕಟಣೆಯಲ್ಲಿ ತಿಳಿಸಿದ್ದಾರೆ.
ರಂಗ ಶಿಕ್ಷಣ ಡಿಪ್ಲೊಮಾಕ್ಕೆ ಅರ್ಜಿ ಆಹ್ವಾನ
ಹೊಸಪೇಟೆ ಟೈಮ್ಸ್ ನ್ಯೂಸ್ ವಿಜಯನಗರ(ಹೊಸಪೇಟೆ): ಶ್ರೀಶಿವಕುಮಾರ ರಂಗ ಪ್ರಯೋಗ ಶಾಲೆಯ 2025-26 ನೇ ಸಾಲಿನ ರಂಗಶಿಕ್ಷಣ ಡಿಪ್ಲೊಮಾ ಇನ್ ಡ್ರಾಮಾ ಕೋರ್ಸ್‌ಗೆ ಆಸಕ್ತ ಅಭ್ಯರ್ಥಿಗಳಿಂದ ಅರ್ಜಿ ಆಹ್ವಾನಿಸಲಾಗಿದೆ. ಒಂದು ವರ್ಷದ ಪೂರ್ಣಾವಧಿಯ ರಂಗಶಿಕ್ಷಣ ಡಿಪ್ಲೊಮಾ ತರಗತಿಗಳು ಜುಲೈ ಮೊದಲ ವಾರದಿಂದ ಆರಂಭವಾಗಲಿದ್ದು, ಕನಿಷ್ಠ ಪಿಯುಸಿ ಉತ್ತೀರ್ಣರಾದ 18 ರಿಂದ 30 ವರ್ಷದೊಳಗಿನ ಅಭ್ಯರ್ಥಿಗಳು ಅರ್ಜಿ ಸಲ್ಲಿಸಬಹುದು. ಪ್ರವೇಶ ಪಡೆದ ವಿದ್ಯಾರ್ಥಿಗಳಿಗೆ ಉಚಿತ ಊಟ, ವಸತಿ ಸೌಲಭ್ಯ ಕಲ್ಪಿಸಲಾಗುವುದು. ಅಭಿನಯ, ರಂಗವಿನ್ಯಾಸ, ಬೆಳಕು, ಸಂಗೀತ, ನಿರ್ದೇಶನ, ರಂಗಭೂಮಿಯ ಇತಿಹಾಸ ಮುಂತಾದ ವಿಷಯಗಳಲ್ಲಿ ತರಬೇತಿ ನೀಡಲಾಗುತ್ತದೆ. ರಂಗ ಕಲಾವಿದರು ಹಾಗೂ ತಜ್ಞರಿಂದ ತರಗತಿಗಳು ನಡೆಯಲಿದ್ದು, ವರ್ಷಾಂತ್ಯದಲ್ಲಿ ವಿದ್ಯಾರ್ಥಿಗಳಿಂದ ನಾಟಕ ಪ್ರದರ್ಶನಗಳು ನಡೆಯಲಿವೆ. ಆಸಕ್ತರು ರಂಗ ಪ್ರಯೋಗ ಶಾಲೆಯ ಕಚೇರಿಯನ್ನು ಸಂಪರ್ಕಿಸಿ ಅರ್ಜಿ ಪಡೆದು ಸಲ್ಲಿಸಬಹುದು ಎಂದು ಶಾಲೆಯ ಪ್ರಾಂಶುಪಾಲರು ಪ್ರಕಟಣೆಯಲ್ಲಿ ತಿಳಿಸಿದ್ದಾರೆ.
